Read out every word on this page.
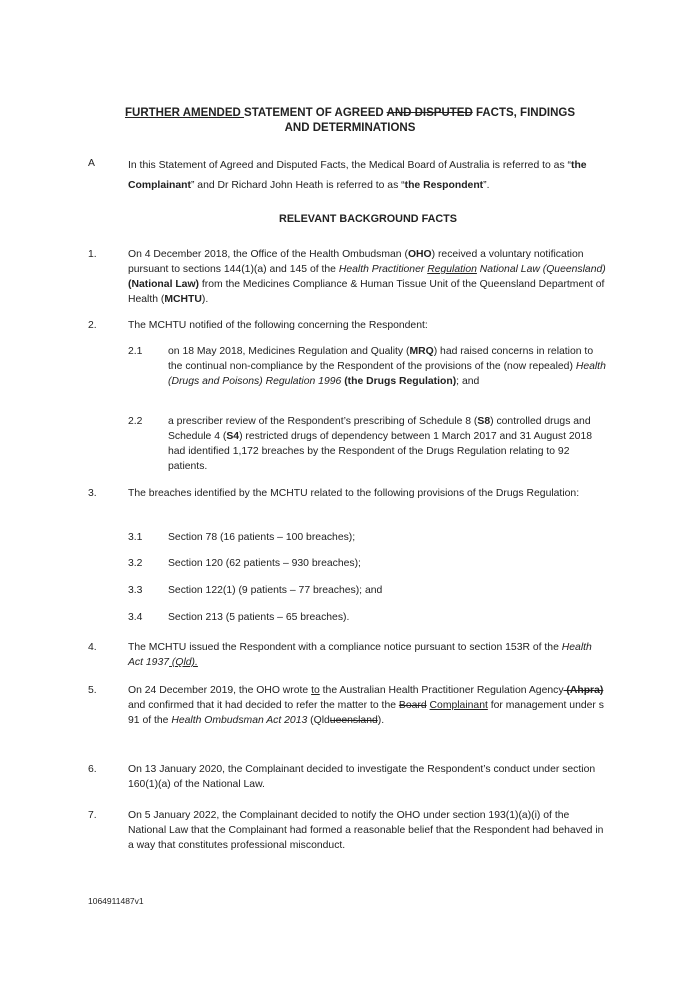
FURTHER AMENDED STATEMENT OF AGREED AND DISPUTED FACTS, FINDINGS
AND DETERMINATIONS
A	In this Statement of Agreed and Disputed Facts, the Medical Board of Australia is referred to as “the Complainant” and Dr Richard John Heath is referred to as “the Respondent”.
RELEVANT BACKGROUND FACTS
1.	On 4 December 2018, the Office of the Health Ombudsman (OHO) received a voluntary notification pursuant to sections 144(1)(a) and 145 of the Health Practitioner Regulation National Law (Queensland) (National Law) from the Medicines Compliance & Human Tissue Unit of the Queensland Department of Health (MCHTU).
2.	The MCHTU notified of the following concerning the Respondent:
2.1	on 18 May 2018, Medicines Regulation and Quality (MRQ) had raised concerns in relation to the continual non-compliance by the Respondent of the provisions of the (now repealed) Health (Drugs and Poisons) Regulation 1996 (the Drugs Regulation); and
2.2	a prescriber review of the Respondent’s prescribing of Schedule 8 (S8) controlled drugs and Schedule 4 (S4) restricted drugs of dependency between 1 March 2017 and 31 August 2018 had identified 1,172 breaches by the Respondent of the Drugs Regulation relating to 92 patients.
3.	The breaches identified by the MCHTU related to the following provisions of the Drugs Regulation:
3.1	Section 78 (16 patients – 100 breaches);
3.2	Section 120 (62 patients – 930 breaches);
3.3	Section 122(1) (9 patients – 77 breaches); and
3.4	Section 213 (5 patients – 65 breaches).
4.	The MCHTU issued the Respondent with a compliance notice pursuant to section 153R of the Health Act 1937 (Qld).
5.	On 24 December 2019, the OHO wrote to the Australian Health Practitioner Regulation Agency (Ahpra) and confirmed that it had decided to refer the matter to the Board Complainant for management under s 91 of the Health Ombudsman Act 2013 (Qldueensland).
6.	On 13 January 2020, the Complainant decided to investigate the Respondent’s conduct under section 160(1)(a) of the National Law.
7.	On 5 January 2022, the Complainant decided to notify the OHO under section 193(1)(a)(i) of the National Law that the Complainant had formed a reasonable belief that the Respondent had behaved in a way that constitutes professional misconduct.
1064911487v1
